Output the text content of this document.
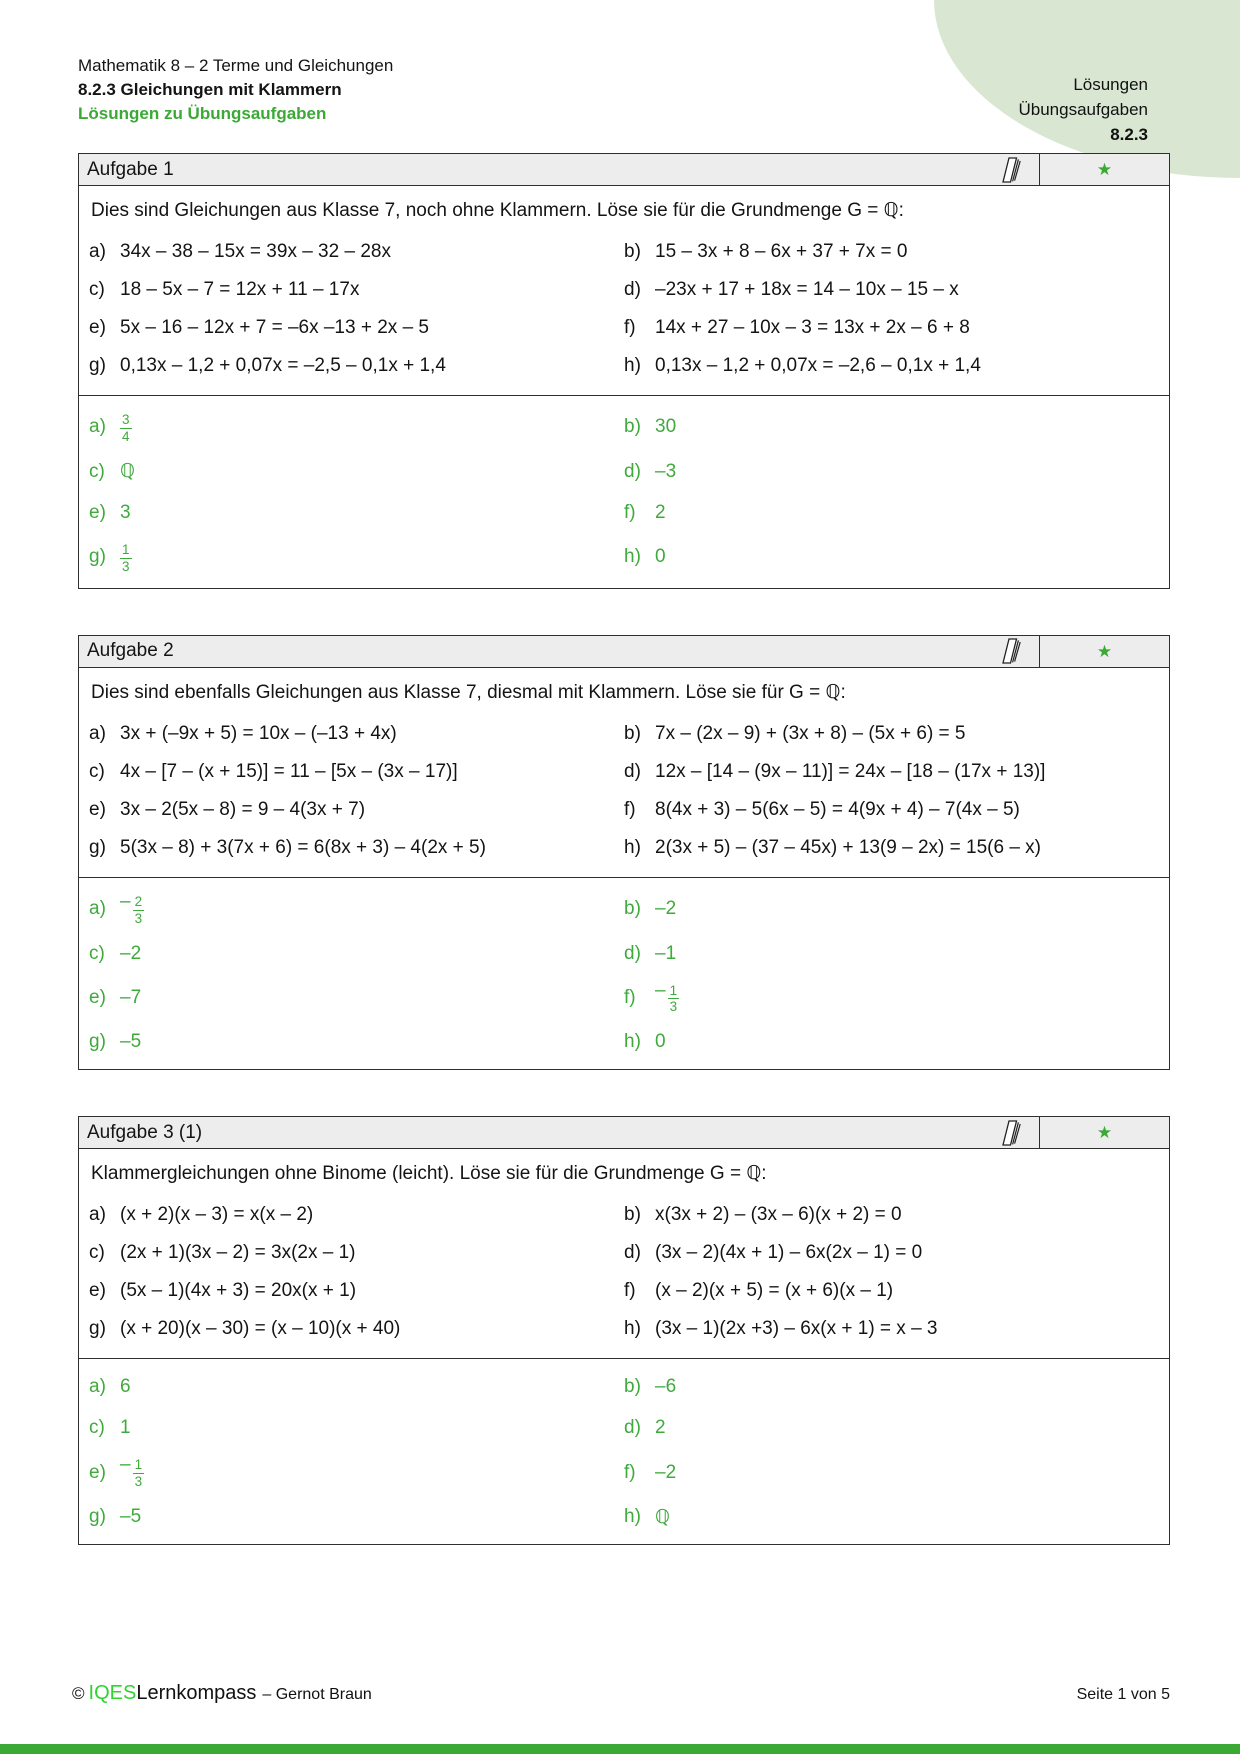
Lösungen
Übungsaufgaben
8.2.3
Mathematik 8 – 2 Terme und Gleichungen
8.2.3 Gleichungen mit Klammern
Lösungen zu Übungsaufgaben
Aufgabe 1	★

Dies sind Gleichungen aus Klasse 7, noch ohne Klammern. Löse sie für die Grundmenge G = ℚ:

a) 34x – 38 – 15x = 39x – 32 – 28x	b) 15 – 3x + 8 – 6x + 37 + 7x = 0
c) 18 – 5x – 7 = 12x + 11 – 17x	d) –23x + 17 + 18x = 14 – 10x – 15 – x
e) 5x – 16 – 12x + 7 = –6x –13 + 2x – 5	f)	14x + 27 – 10x – 3 = 13x + 2x – 6 + 8
g) 0,13x – 1,2 + 0,07x = –2,5 – 0,1x + 1,4	h) 0,13x – 1,2 + 0,07x = –2,6 – 0,1x + 1,4
a)	$\frac{3}{4}$	b) 30
c) ℚ	d) –3
e) 3	f)	2
g)	$\frac{1}{3}$	h) 0
Aufgabe 2	★

Dies sind ebenfalls Gleichungen aus Klasse 7, diesmal mit Klammern. Löse sie für G = ℚ:

a) 3x + (–9x + 5) = 10x – (–13 + 4x)	b) 7x – (2x – 9) + (3x + 8) – (5x + 6) = 5
c) 4x – [7 – (x + 15)] = 11 – [5x – (3x – 17)]	d) 12x – [14 – (9x – 11)] = 24x – [18 – (17x + 13)]
e) 3x – 2(5x – 8) = 9 – 4(3x + 7)	f)	8(4x + 3) – 5(6x – 5) = 4(9x + 4) – 7(4x – 5)
g) 5(3x – 8) + 3(7x + 6) = 6(8x + 3) – 4(2x + 5)	h) 2(3x + 5) – (37 – 45x) + 13(9 – 2x) = 15(6 – x)
$a) - \frac{2}{3}$	b) –2
c) –2	d) –1
e) –7	f)	– $\frac{1}{3}$
g) –5	h) 0
Aufgabe 3 (1)	★

Klammergleichungen ohne Binome (leicht). Löse sie für die Grundmenge G = ℚ:

a) (x + 2)(x – 3) = x(x – 2)	b) x(3x + 2) – (3x – 6)(x + 2) = 0
c) (2x + 1)(3x – 2) = 3x(2x – 1)	d) (3x – 2)(4x + 1) – 6x(2x – 1) = 0
e) (5x – 1)(4x + 3) = 20x(x + 1)	f)	(x – 2)(x + 5) = (x + 6)(x – 1)
g) (x + 20)(x – 30) = (x – 10)(x + 40)	h) (3x – 1)(2x +3) – 6x(x + 1) = x – 3
a) 6	b) –6
c) 1	d) 2
$e) - \frac{1}{3}$	f)	–2
g) –5	h) ℚ
© IQESLernkompass – Gernot Braun	Seite 1 von 5
